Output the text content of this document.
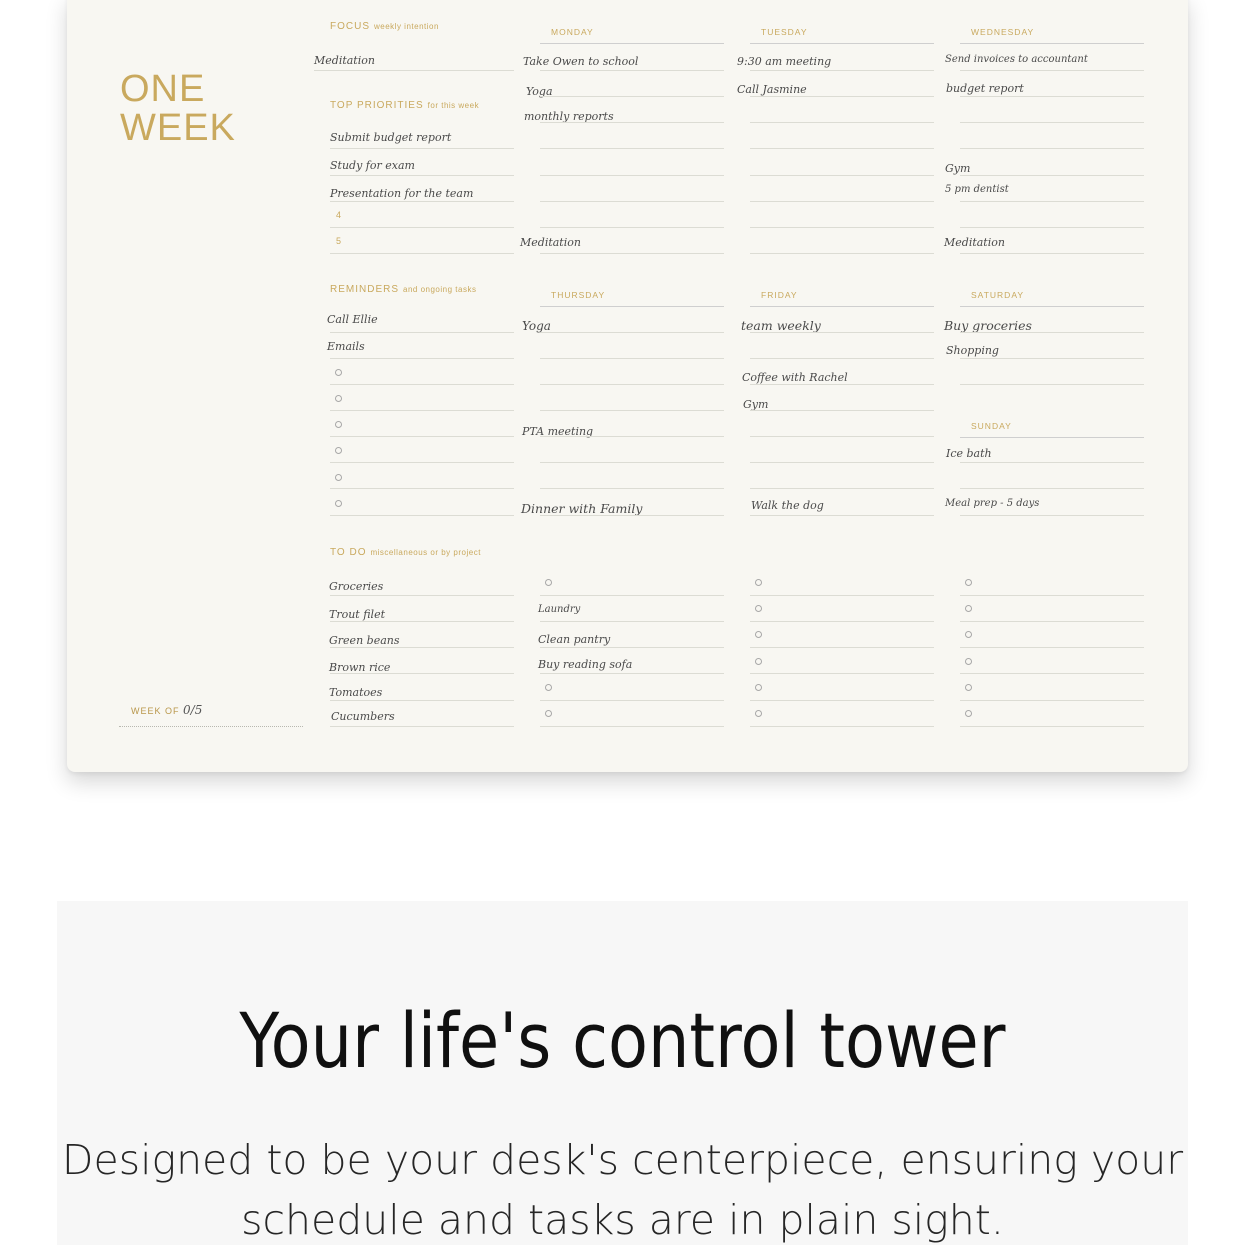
ONE
WEEK
WEEK OF 0/5
FOCUS weekly intention
Meditation
TOP PRIORITIES for this week
Submit budget report
Study for exam
Presentation for the team
4
5
REMINDERS and ongoing tasks
Call Ellie
Emails
TO DO miscellaneous or by project
Groceries
Trout filet
Green beans
Brown rice
Tomatoes
Cucumbers
Laundry
Clean pantry
Buy reading sofa
MONDAY
Take Owen to school
Yoga
monthly reports
Meditation
TUESDAY
9:30 am meeting
Call Jasmine
WEDNESDAY
Send invoices to accountant
budget report
Gym
5 pm dentist
Meditation
THURSDAY
Yoga
PTA meeting
Dinner with Family
FRIDAY
team weekly
Coffee with Rachel
Gym
Walk the dog
SATURDAY
Buy groceries
Shopping
SUNDAY
Ice bath
Meal prep - 5 days
Your life's control tower
Designed to be your desk's centerpiece, ensuring your
schedule and tasks are in plain sight.
